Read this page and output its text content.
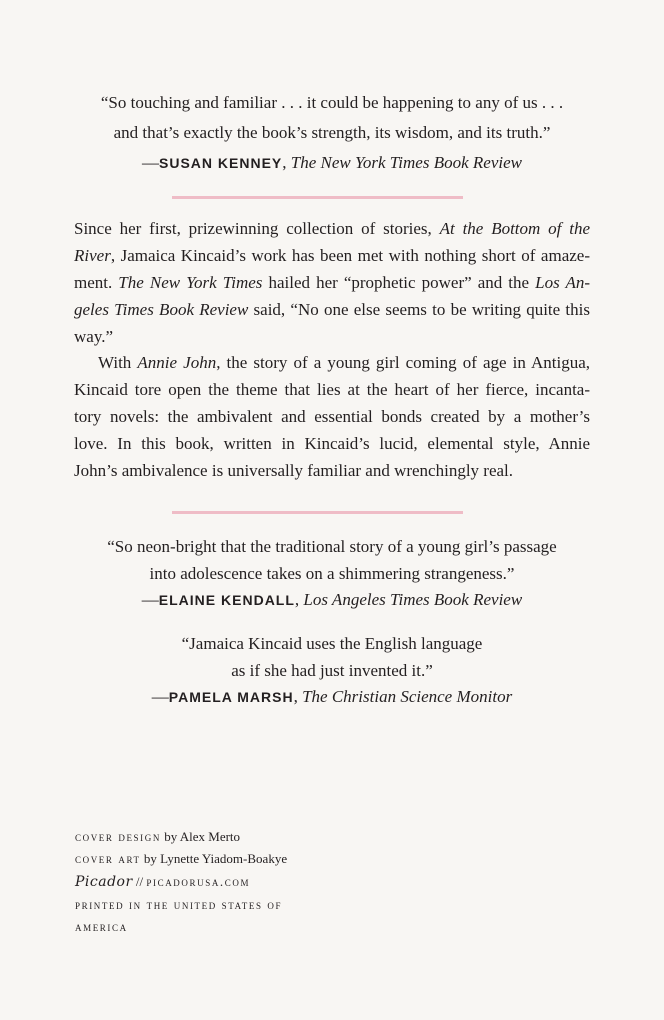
“So touching and familiar . . . it could be happening to any of us . . .
and that’s exactly the book’s strength, its wisdom, and its truth.”
—SUSAN KENNEY, The New York Times Book Review
Since her first, prizewinning collection of stories, At the Bottom of the
River, Jamaica Kincaid’s work has been met with nothing short of amaze-
ment. The New York Times hailed her “prophetic power” and the Los An-
geles Times Book Review said, “No one else seems to be writing quite this
way.”
With Annie John, the story of a young girl coming of age in Antigua,
Kincaid tore open the theme that lies at the heart of her fierce, incanta-
tory novels: the ambivalent and essential bonds created by a mother’s
love. In this book, written in Kincaid’s lucid, elemental style, Annie
John’s ambivalence is universally familiar and wrenchingly real.
“So neon-bright that the traditional story of a young girl’s passage
into adolescence takes on a shimmering strangeness.”
—ELAINE KENDALL, Los Angeles Times Book Review
“Jamaica Kincaid uses the English language
as if she had just invented it.”
—PAMELA MARSH, The Christian Science Monitor
cover design by Alex Merto
cover art by Lynette Yiadom-Boakye
Picador // picadorusa.com
printed in the united states of
america
